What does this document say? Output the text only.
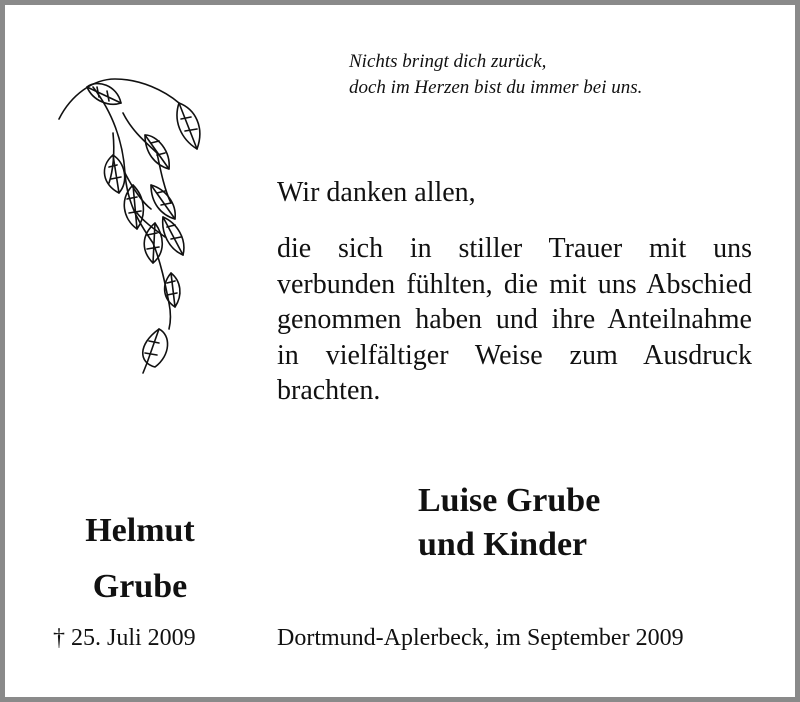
Nichts bringt dich zurück,
doch im Herzen bist du immer bei uns.

Wir danken allen,

die sich in stiller Trauer mit uns verbunden fühlten, die mit uns Abschied genommen haben und ihre Anteilnahme in vielfältiger Weise zum Ausdruck brachten.

Helmut
Grube

Luise Grube
und Kinder

† 25. Juli 2009	Dortmund-Aplerbeck, im September 2009
